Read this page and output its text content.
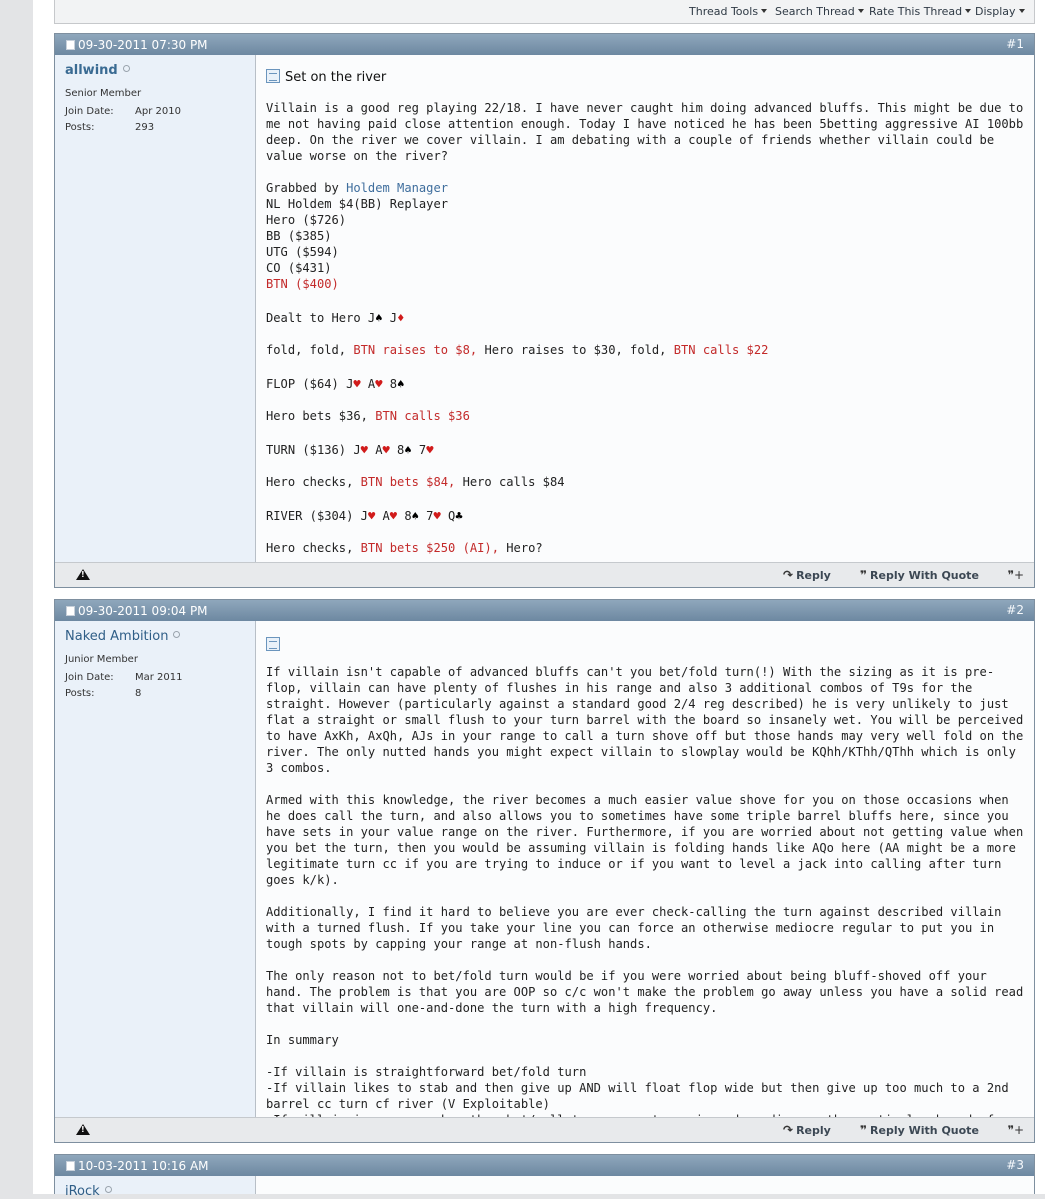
Thread Tools	Search Thread	Rate This Thread	Display
09-30-2011 07:30 PM	#1
allwind
Senior Member
Join Date: Apr 2010
Posts:	293
Set on the river

Villain is a good reg playing 22/18. I have never caught him doing advanced bluffs. This might be due to me not having paid close attention enough. Today I have noticed he has been 5betting aggressive AI 100bb deep. On the river we cover villain. I am debating with a couple of friends whether villain could be value worse on the river?

Grabbed by Holdem Manager

NL Holdem $4(BB) Replayer

Hero ($726)

BB ($385)

UTG ($594)

CO ($431)

BTN ($400)

Dealt to Hero J♠ J♦

fold, fold, BTN raises to $8, Hero raises to $30, fold, BTN calls $22

FLOP ($64) J♥ A♥ 8♠

Hero bets $36, BTN calls $36

TURN ($136) J♥ A♥ 8♠ 7♥

Hero checks, BTN bets $84, Hero calls $84

RIVER ($304) J♥ A♥ 8♠ 7♥ Q♣

Hero checks, BTN bets $250 (AI), Hero?

!
↷ Reply ❞ Reply With Quote ❞+
09-30-2011 09:04 PM	#2
Naked Ambition
Junior Member
Join Date: Mar 2011
Posts:	8

If villain isn't capable of advanced bluffs can't you bet/fold turn(!) With the sizing as it is pre-flop, villain can have plenty of flushes in his range and also 3 additional combos of T9s for the straight. However (particularly against a standard good 2/4 reg described) he is very unlikely to just flat a straight or small flush to your turn barrel with the board so insanely wet. You will be perceived to have AxKh, AxQh, AJs in your range to call a turn shove off but those hands may very well fold on the river. The only nutted hands you might expect villain to slowplay would be KQhh/KThh/QThh which is only 3 combos.

Armed with this knowledge, the river becomes a much easier value shove for you on those occasions when he does call the turn, and also allows you to sometimes have some triple barrel bluffs here, since you have sets in your value range on the river. Furthermore, if you are worried about not getting value when you bet the turn, then you would be assuming villain is folding hands like AQo here (AA might be a more legitimate turn cc if you are trying to induce or if you want to level a jack into calling after turn goes k/k).

Additionally, I find it hard to believe you are ever check-calling the turn against described villain with a turned flush. If you take your line you can force an otherwise mediocre regular to put you in tough spots by capping your range at non-flush hands.

The only reason not to bet/fold turn would be if you were worried about being bluff-shoved off your hand. The problem is that you are OOP so c/c won't make the problem go away unless you have a solid read that villain will one-and-done the turn with a high frequency.

In summary

-If villain is straightforward bet/fold turn

-If villain likes to stab and then give up AND will float flop wide but then give up too much to a 2nd barrel cc turn cf river (V Exploitable)

!
↷ Reply ❞ Reply With Quote ❞+
10-03-2011 10:16 AM	#3
iRock
